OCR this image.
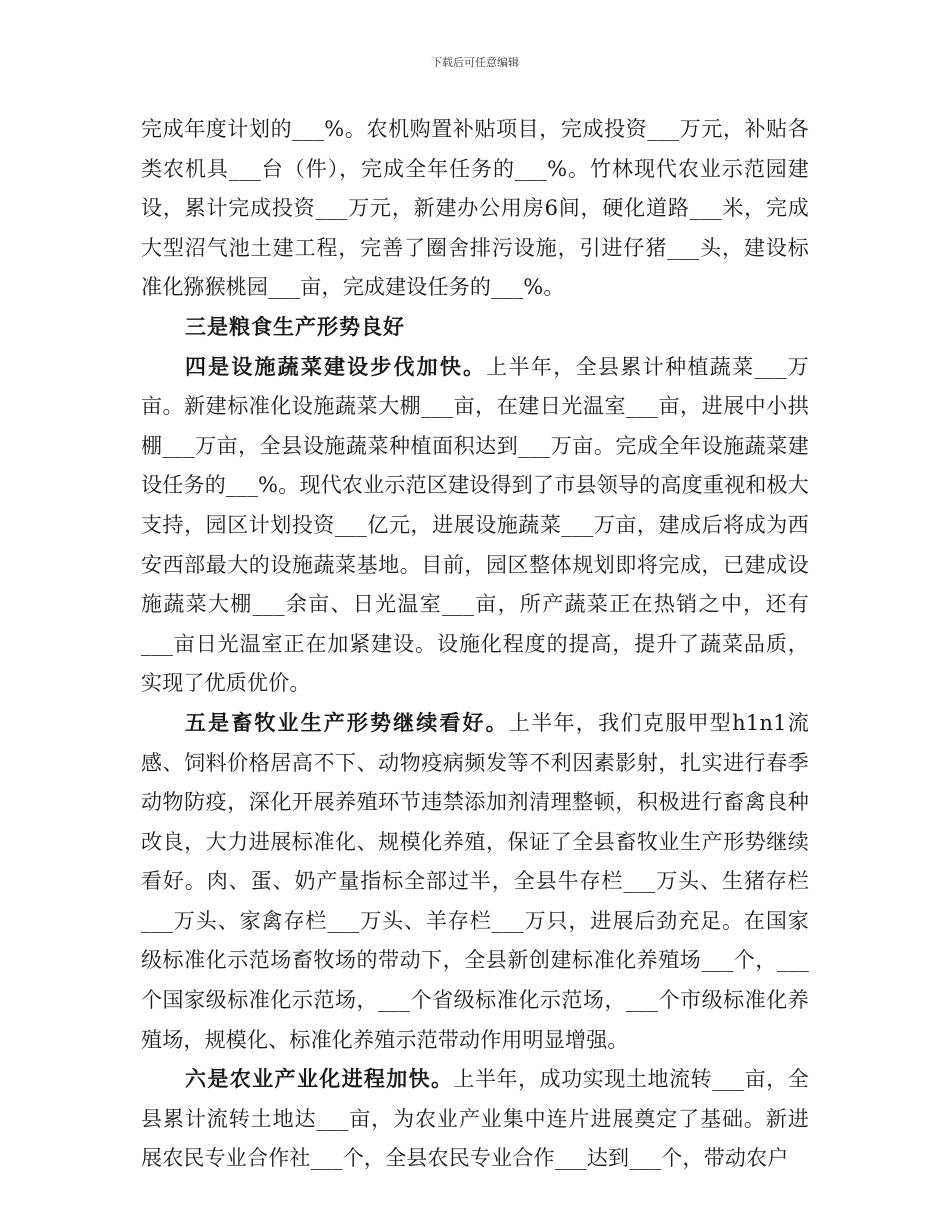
下载后可任意编辑

完成年度计划的___%。农机购置补贴项目，完成投资___万元，补贴各类农机具___台（件），完成全年任务的___%。竹林现代农业示范园建设，累计完成投资___万元，新建办公用房6间，硬化道路___米，完成大型沼气池土建工程，完善了圈舍排污设施，引进仔猪___头，建设标准化猕猴桃园___亩，完成建设任务的___%。

三是粮食生产形势良好

四是设施蔬菜建设步伐加快。上半年，全县累计种植蔬菜___万亩。新建标准化设施蔬菜大棚___亩，在建日光温室___亩，进展中小拱棚___万亩，全县设施蔬菜种植面积达到___万亩。完成全年设施蔬菜建设任务的___%。现代农业示范区建设得到了市县领导的高度重视和极大支持，园区计划投资___亿元，进展设施蔬菜___万亩，建成后将成为西安西部最大的设施蔬菜基地。目前，园区整体规划即将完成，已建成设施蔬菜大棚___余亩、日光温室___亩，所产蔬菜正在热销之中，还有___亩日光温室正在加紧建设。设施化程度的提高，提升了蔬菜品质，实现了优质优价。

五是畜牧业生产形势继续看好。上半年，我们克服甲型h1n1流感、饲料价格居高不下、动物疫病频发等不利因素影射，扎实进行春季动物防疫，深化开展养殖环节违禁添加剂清理整顿，积极进行畜禽良种改良，大力进展标准化、规模化养殖，保证了全县畜牧业生产形势继续看好。肉、蛋、奶产量指标全部过半，全县牛存栏___万头、生猪存栏___万头、家禽存栏___万头、羊存栏___万只，进展后劲充足。在国家级标准化示范场畜牧场的带动下，全县新创建标准化养殖场___个，___个国家级标准化示范场，___个省级标准化示范场，___个市级标准化养殖场，规模化、标准化养殖示范带动作用明显增强。

六是农业产业化进程加快。上半年，成功实现土地流转___亩，全县累计流转土地达___亩，为农业产业集中连片进展奠定了基础。新进展农民专业合作社___个，全县农民专业合作___达到___个，带动农户
